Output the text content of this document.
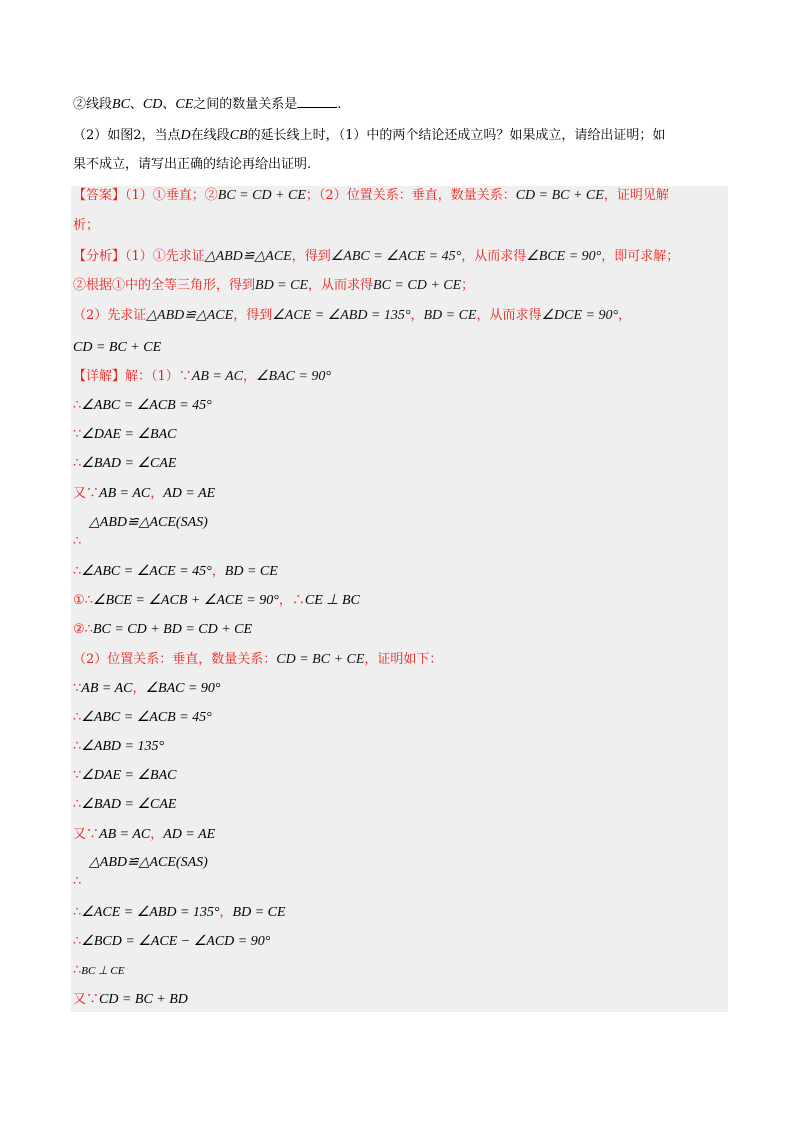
②线段BC、CD、CE之间的数量关系是	.
（2）如图2，当点D在线段CB的延长线上时，（1）中的两个结论还成立吗？如果成立，请给出证明；如
果不成立，请写出正确的结论再给出证明.
【答案】（1）①垂直；②BC = CD + CE；（2）位置关系：垂直，数量关系：CD = BC + CE，证明见解
析；
【分析】（1）①先求证△ABD≌△ACE，得到∠ABC = ∠ACE = 45°，从而求得∠BCE = 90°，即可求解；
②根据①中的全等三角形，得到BD = CE，从而求得BC = CD + CE；
（2）先求证△ABD≌△ACE，得到∠ACE = ∠ABD = 135°，BD = CE，从而求得∠DCE = 90°，
CD = BC + CE
【详解】解：（1）∵AB = AC，∠BAC = 90°
∴∠ABC = ∠ACB = 45°
∵∠DAE = ∠BAC
∴∠BAD = ∠CAE
又∵AB = AC，AD = AE
△ABD≌△ACE(SAS)
∴
∴∠ABC = ∠ACE = 45°，BD = CE
①∴∠BCE = ∠ACB + ∠ACE = 90°，∴CE ⊥ BC
②∴BC = CD + BD = CD + CE
（2）位置关系：垂直，数量关系：CD = BC + CE，证明如下：
∵AB = AC，∠BAC = 90°
∴∠ABC = ∠ACB = 45°
∴∠ABD = 135°
∵∠DAE = ∠BAC
∴∠BAD = ∠CAE
又∵AB = AC，AD = AE
△ABD≌△ACE(SAS)
∴
∴∠ACE = ∠ABD = 135°，BD = CE
∴∠BCD = ∠ACE − ∠ACD = 90°
∴BC ⊥ CE
又∵CD = BC + BD
